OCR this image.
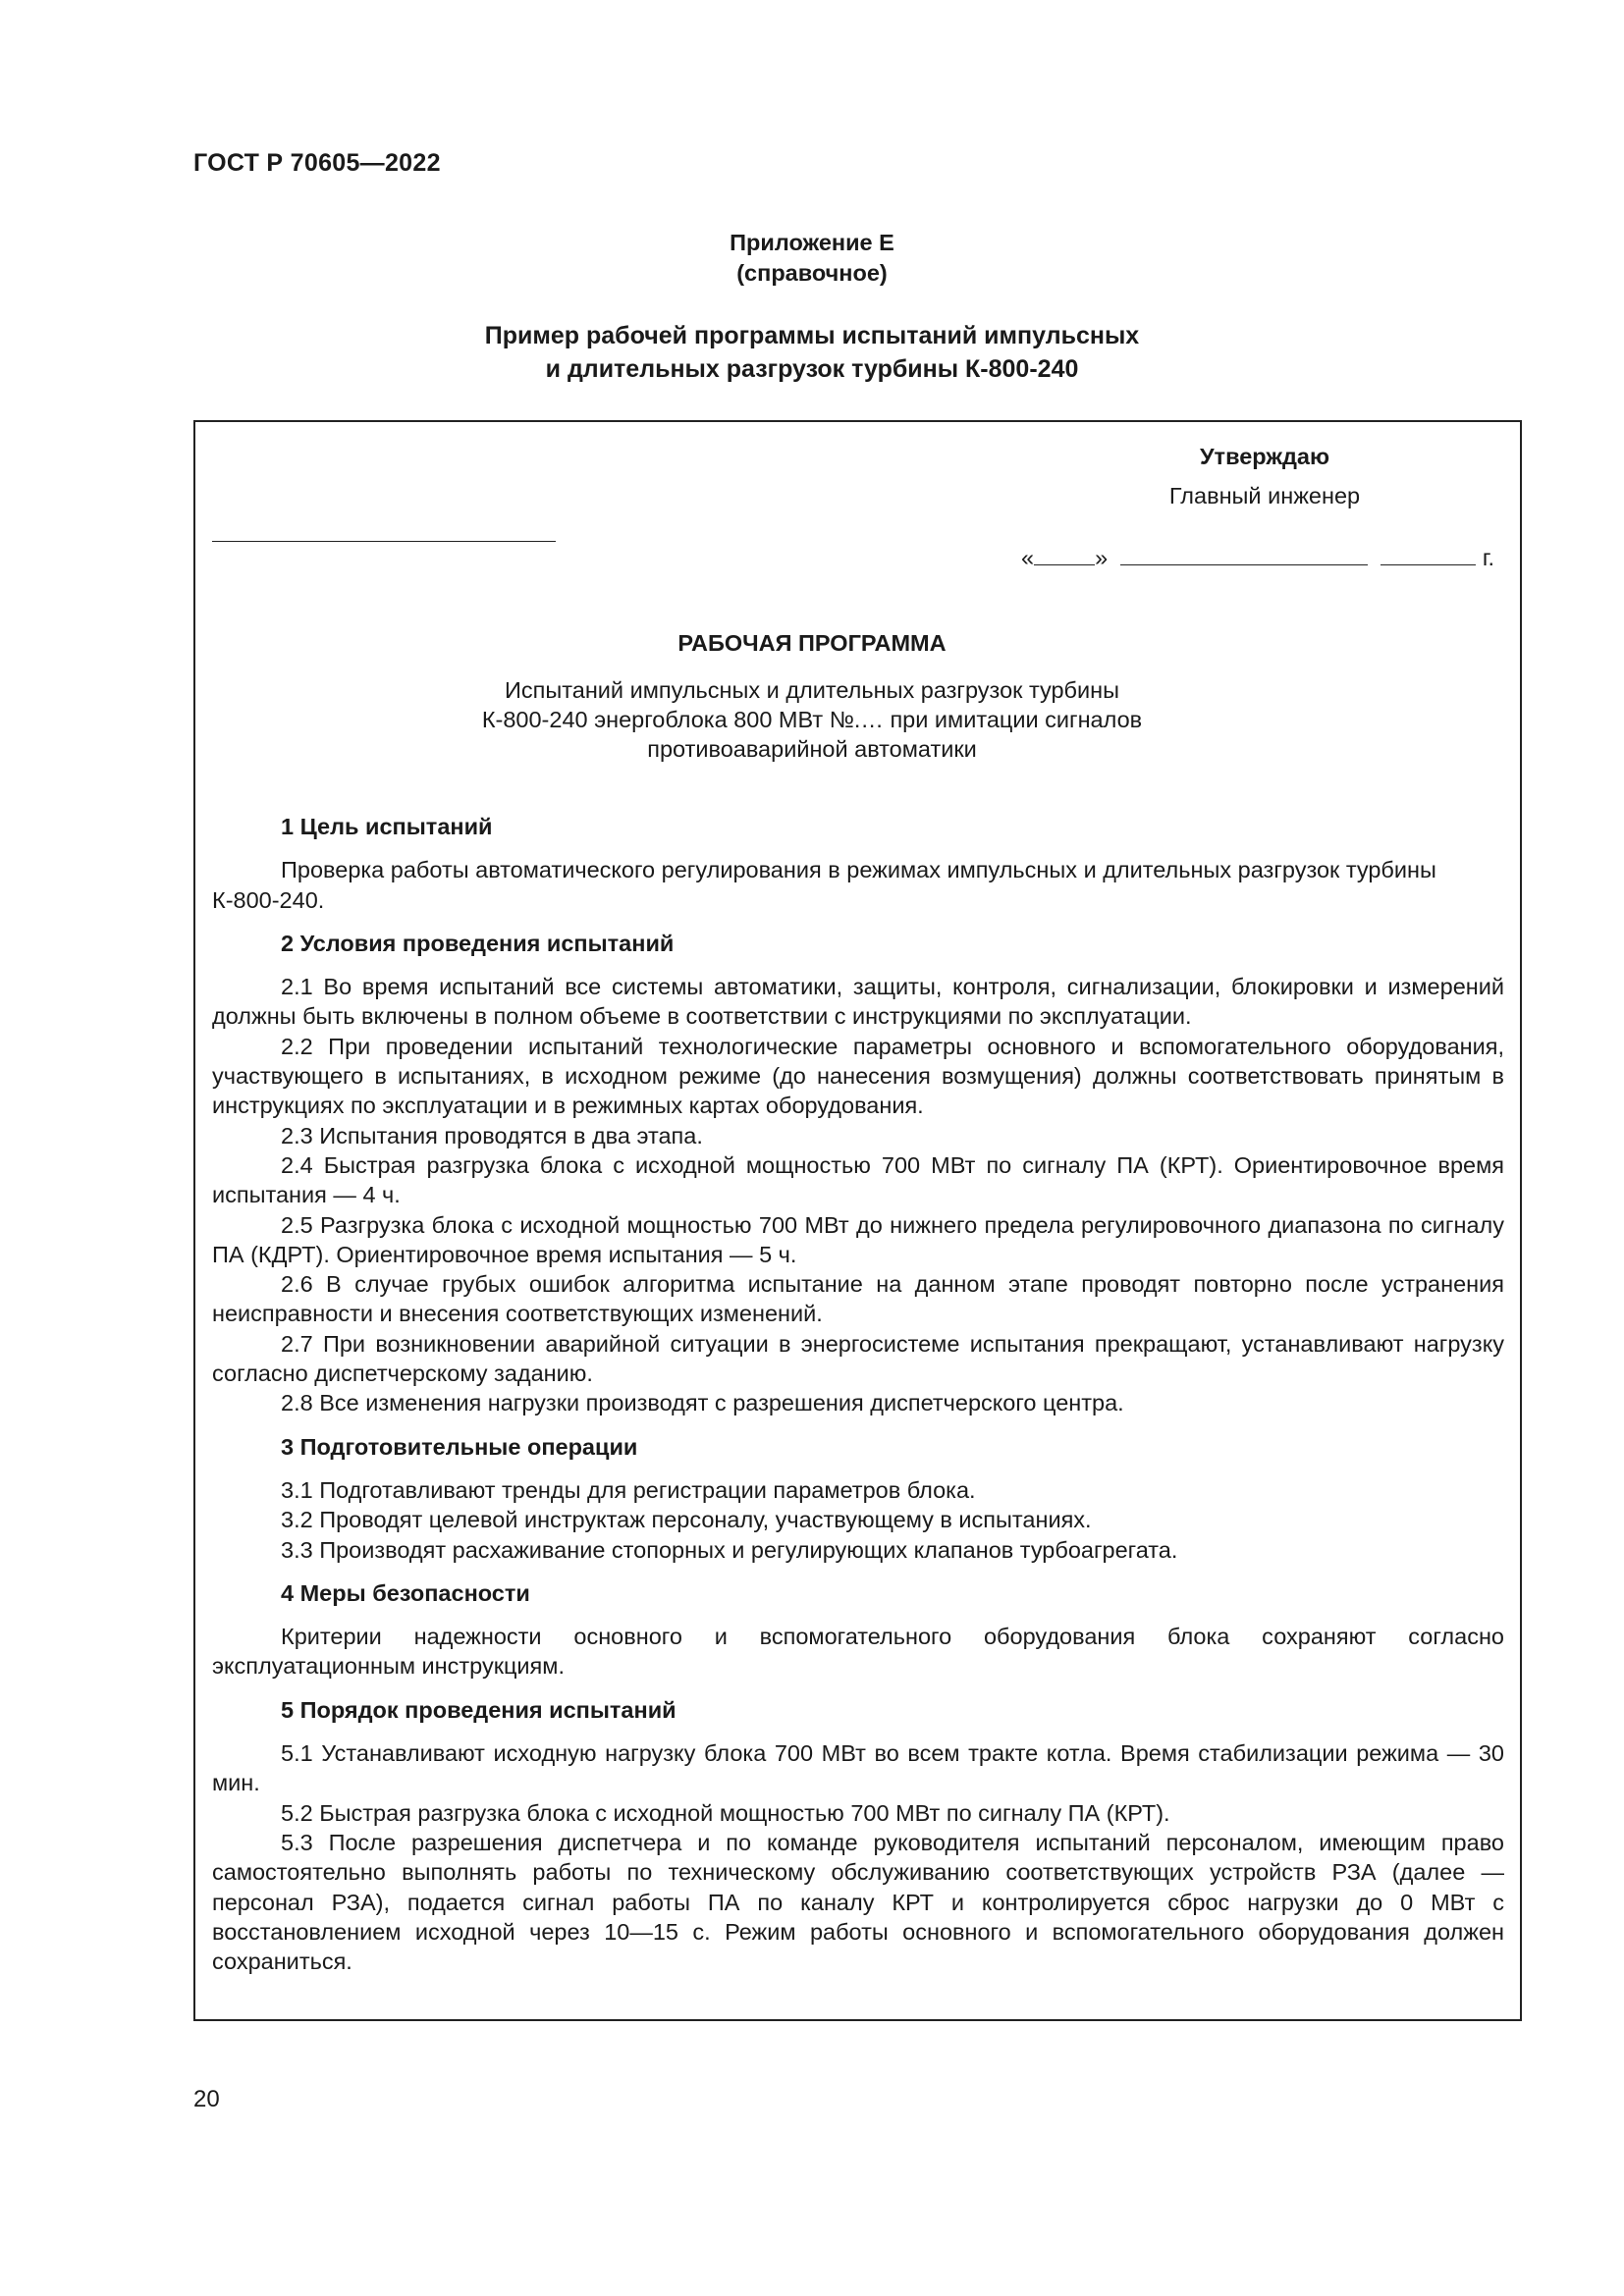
ГОСТ Р 70605—2022
Приложение Е
(справочное)
Пример рабочей программы испытаний импульсных
и длительных разгрузок турбины К-800-240
Утверждаю
Главный инженер
«	»	г.
РАБОЧАЯ ПРОГРАММА
Испытаний импульсных и длительных разгрузок турбины
К-800-240 энергоблока 800 МВт №.… при имитации сигналов
противоаварийной автоматики
1 Цель испытаний

Проверка работы автоматического регулирования в режимах импульсных и длительных разгрузок турбины К-800-240.

2 Условия проведения испытаний

2.1 Во время испытаний все системы автоматики, защиты, контроля, сигнализации, блокировки и измерений должны быть включены в полном объеме в соответствии с инструкциями по эксплуатации.

2.2 При проведении испытаний технологические параметры основного и вспомогательного оборудования, участвующего в испытаниях, в исходном режиме (до нанесения возмущения) должны соответствовать принятым в инструкциях по эксплуатации и в режимных картах оборудования.

2.3 Испытания проводятся в два этапа.

2.4 Быстрая разгрузка блока с исходной мощностью 700 МВт по сигналу ПА (КРТ). Ориентировочное время испытания — 4 ч.

2.5 Разгрузка блока с исходной мощностью 700 МВт до нижнего предела регулировочного диапазона по сигналу ПА (КДРТ). Ориентировочное время испытания — 5 ч.

2.6 В случае грубых ошибок алгоритма испытание на данном этапе проводят повторно после устранения неисправности и внесения соответствующих изменений.

2.7 При возникновении аварийной ситуации в энергосистеме испытания прекращают, устанавливают нагрузку согласно диспетчерскому заданию.

2.8 Все изменения нагрузки производят с разрешения диспетчерского центра.

3 Подготовительные операции

3.1 Подготавливают тренды для регистрации параметров блока.

3.2 Проводят целевой инструктаж персоналу, участвующему в испытаниях.

3.3 Производят расхаживание стопорных и регулирующих клапанов турбоагрегата.

4 Меры безопасности

Критерии надежности основного и вспомогательного оборудования блока сохраняют согласно эксплуатационным инструкциям.

5 Порядок проведения испытаний

5.1 Устанавливают исходную нагрузку блока 700 МВт во всем тракте котла. Время стабилизации режима — 30 мин.

5.2 Быстрая разгрузка блока с исходной мощностью 700 МВт по сигналу ПА (КРТ).

5.3 После разрешения диспетчера и по команде руководителя испытаний персоналом, имеющим право самостоятельно выполнять работы по техническому обслуживанию соответствующих устройств РЗА (далее — персонал РЗА), подается сигнал работы ПА по каналу КРТ и контролируется сброс нагрузки до 0 МВт с восстановлением исходной через 10—15 с. Режим работы основного и вспомогательного оборудования должен сохраниться.

20
